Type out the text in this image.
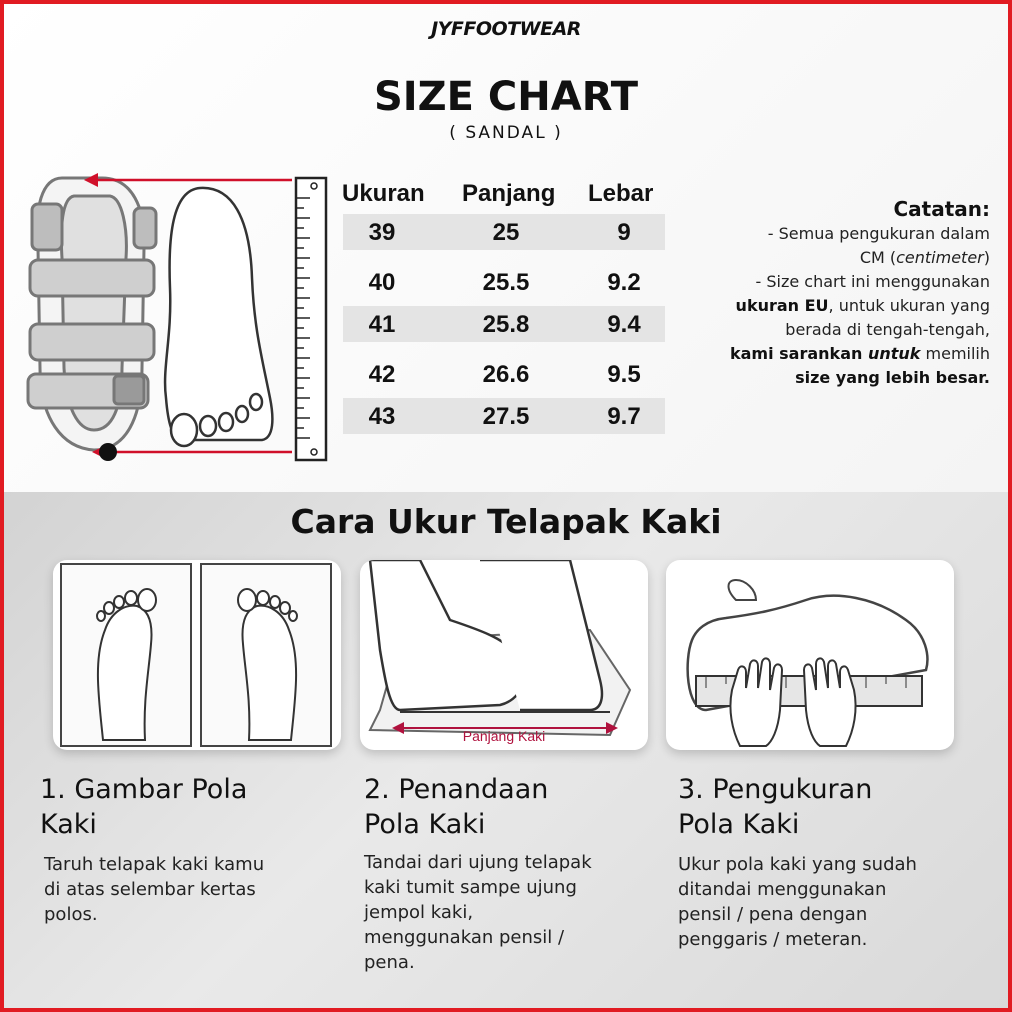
JYFFOOTWEAR
SIZE CHART
( SANDAL )
Ukuran Panjang Lebar
39	25	9
40	25.5	9.2
41	25.8	9.4
42	26.6	9.5
43	27.5	9.7
Catatan:
- Semua pengukuran dalam
CM (centimeter)
- Size chart ini menggunakan
ukuran EU, untuk ukuran yang
berada di tengah-tengah,
kami sarankan untuk memilih
size yang lebih besar.
Cara Ukur Telapak Kaki
Panjang Kaki
1. Gambar Pola
Kaki
2. Penandaan
Pola Kaki
3. Pengukuran
Pola Kaki
Taruh telapak kaki kamu
di atas selembar kertas
polos.
Tandai dari ujung telapak
kaki tumit sampe ujung
jempol kaki,
menggunakan pensil /
pena.
Ukur pola kaki yang sudah
ditandai menggunakan
pensil / pena dengan
penggaris / meteran.
